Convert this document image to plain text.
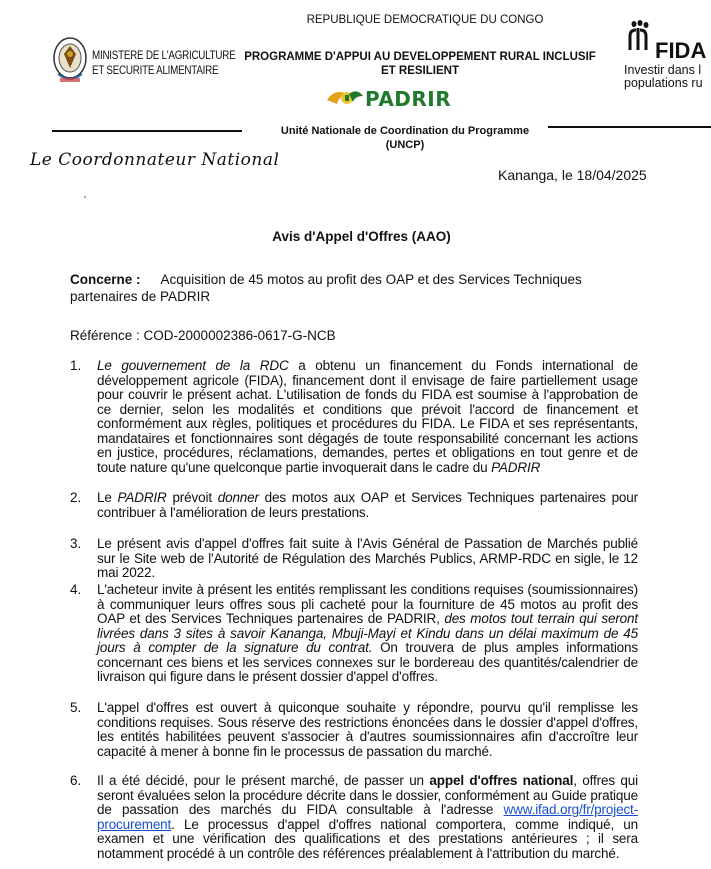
REPUBLIQUE DEMOCRATIQUE DU CONGO
MINISTERE DE L'AGRICULTURE
ET SECURITE ALIMENTAIRE
PROGRAMME D'APPUI AU DEVELOPPEMENT RURAL INCLUSIF
ET RESILIENT
PADRIR
FIDA
Investir dans l
populations ru
Unité Nationale de Coordination du Programme
(UNCP)
Le Coordonnateur National
Kananga, le 18/04/2025
Avis d'Appel d'Offres (AAO)
Concerne : Acquisition de 45 motos au profit des OAP et des Services Techniques partenaires de PADRIR
Référence : COD-2000002386-0617-G-NCB
1. Le gouvernement de la RDC a obtenu un financement du Fonds international de développement agricole (FIDA), financement dont il envisage de faire partiellement usage pour couvrir le présent achat. L'utilisation de fonds du FIDA est soumise à l'approbation de ce dernier, selon les modalités et conditions que prévoit l'accord de financement et conformément aux règles, politiques et procédures du FIDA. Le FIDA et ses représentants, mandataires et fonctionnaires sont dégagés de toute responsabilité concernant les actions en justice, procédures, réclamations, demandes, pertes et obligations en tout genre et de toute nature qu'une quelconque partie invoquerait dans le cadre du PADRIR
2. Le PADRIR prévoit donner des motos aux OAP et Services Techniques partenaires pour contribuer à l'amélioration de leurs prestations.
3. Le présent avis d'appel d'offres fait suite à l'Avis Général de Passation de Marchés publié sur le Site web de l'Autorité de Régulation des Marchés Publics, ARMP-RDC en sigle, le 12 mai 2022.
4. L'acheteur invite à présent les entités remplissant les conditions requises (soumissionnaires) à communiquer leurs offres sous pli cacheté pour la fourniture de 45 motos au profit des OAP et des Services Techniques partenaires de PADRIR, des motos tout terrain qui seront livrées dans 3 sites à savoir Kananga, Mbuji-Mayi et Kindu dans un délai maximum de 45 jours à compter de la signature du contrat. On trouvera de plus amples informations concernant ces biens et les services connexes sur le bordereau des quantités/calendrier de livraison qui figure dans le présent dossier d'appel d'offres.
5. L'appel d'offres est ouvert à quiconque souhaite y répondre, pourvu qu'il remplisse les conditions requises. Sous réserve des restrictions énoncées dans le dossier d'appel d'offres, les entités habilitées peuvent s'associer à d'autres soumissionnaires afin d'accroître leur capacité à mener à bonne fin le processus de passation du marché.
6. Il a été décidé, pour le présent marché, de passer un appel d'offres national, offres qui seront évaluées selon la procédure décrite dans le dossier, conformément au Guide pratique de passation des marchés du FIDA consultable à l'adresse www.ifad.org/fr/project-procurement. Le processus d'appel d'offres national comportera, comme indiqué, un examen et une vérification des qualifications et des prestations antérieures ; il sera notamment procédé à un contrôle des références préalablement à l'attribution du marché.
